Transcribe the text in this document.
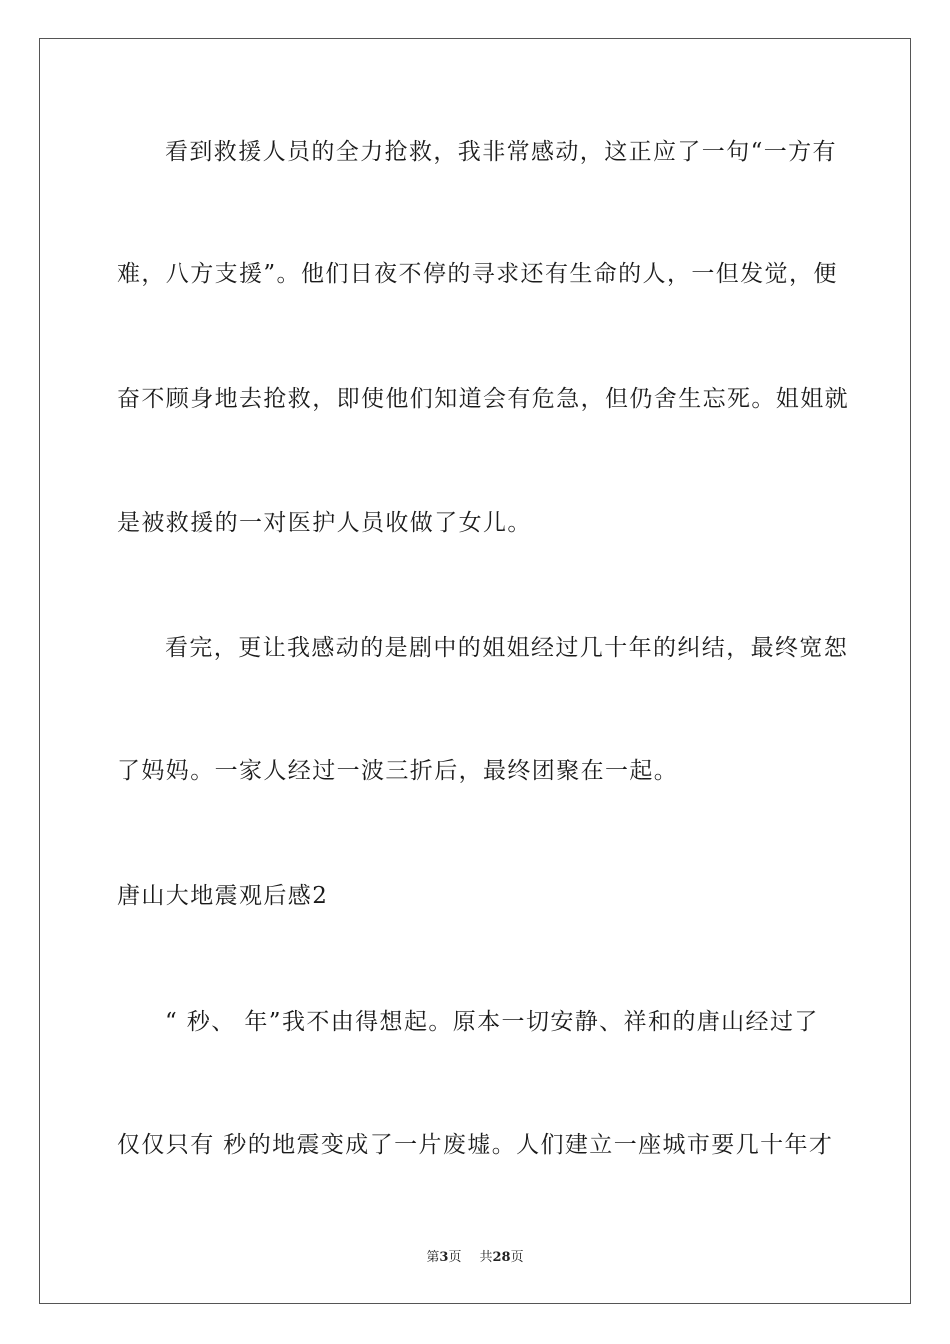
看到救援人员的全力抢救，我非常感动，这正应了一句“一方有
难，八方支援”。他们日夜不停的寻求还有生命的人，一但发觉，便
奋不顾身地去抢救，即使他们知道会有危急，但仍舍生忘死。姐姐就
是被救援的一对医护人员收做了女儿。
看完，更让我感动的是剧中的姐姐经过几十年的纠结，最终宽恕
了妈妈。一家人经过一波三折后，最终团聚在一起。
唐山大地震观后感2
“ 秒、 年”我不由得想起。原本一切安静、祥和的唐山经过了
仅仅只有 秒的地震变成了一片废墟。人们建立一座城市要几十年才
第3页 共28页
